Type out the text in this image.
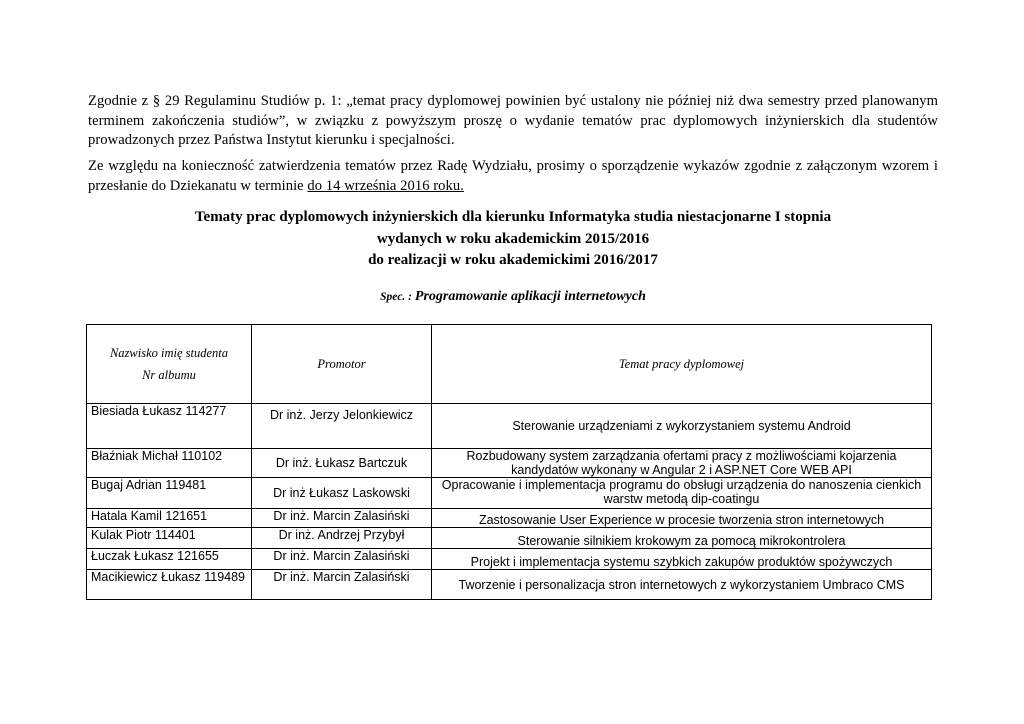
Zgodnie z § 29 Regulaminu Studiów p. 1: „temat pracy dyplomowej powinien być ustalony nie później niż dwa semestry przed planowanym terminem zakończenia studiów”, w związku z powyższym proszę o wydanie tematów prac dyplomowych inżynierskich dla studentów prowadzonych przez Państwa Instytut kierunku i specjalności.
Ze względu na konieczność zatwierdzenia tematów przez Radę Wydziału, prosimy o sporządzenie wykazów zgodnie z załączonym wzorem i przesłanie do Dziekanatu w terminie do 14 września 2016 roku.
Tematy prac dyplomowych inżynierskich dla kierunku Informatyka studia niestacjonarne I stopnia
wydanych w roku akademickim 2015/2016
do realizacji w roku akademickimi 2016/2017
Spec. : Programowanie aplikacji internetowych
Nazwisko imię studenta
Nr albumu	Promotor	Temat pracy dyplomowej
Biesiada Łukasz 114277	Dr inż. Jerzy Jelonkiewicz	Sterowanie urządzeniami z wykorzystaniem systemu Android
Błaźniak Michał 110102	Dr inż. Łukasz Bartczuk	Rozbudowany system zarządzania ofertami pracy z możliwościami kojarzenia kandydatów wykonany w Angular 2 i ASP.NET Core WEB API
Bugaj Adrian 119481	Dr inż Łukasz Laskowski	Opracowanie i implementacja programu do obsługi urządzenia do nanoszenia cienkich warstw metodą dip-coatingu
Hatala Kamil 121651	Dr inż. Marcin Zalasiński	Zastosowanie User Experience w procesie tworzenia stron internetowych
Kulak Piotr 114401	Dr inż. Andrzej Przybył	Sterowanie silnikiem krokowym za pomocą mikrokontrolera
Łuczak Łukasz 121655	Dr inż. Marcin Zalasiński	Projekt i implementacja systemu szybkich zakupów produktów spożywczych
Macikiewicz Łukasz 119489	Dr inż. Marcin Zalasiński	Tworzenie i personalizacja stron internetowych z wykorzystaniem Umbraco CMS
